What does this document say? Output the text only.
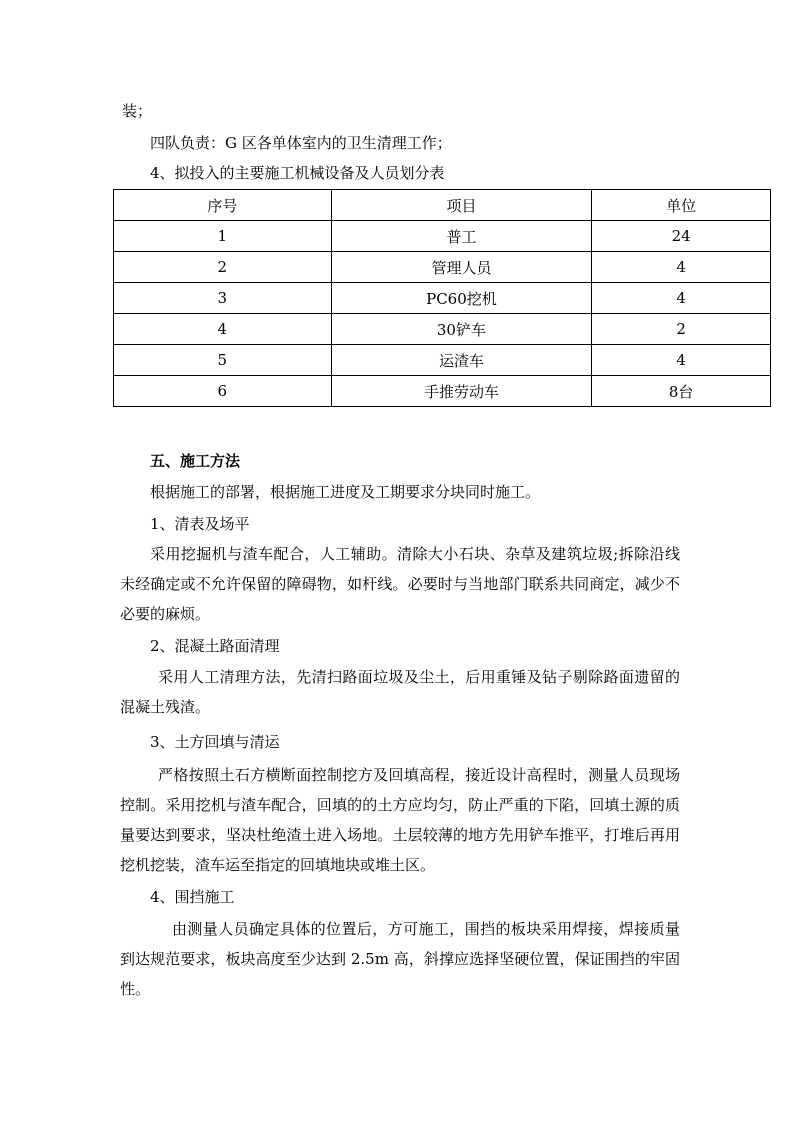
装；
四队负责：G 区各单体室内的卫生清理工作；
4、拟投入的主要施工机械设备及人员划分表
序号	项目	单位
1	普工	24
2	管理人员	4
3	PC60挖机	4
4	30铲车	2
5	运渣车	4
6	手推劳动车	8台
五、施工方法
根据施工的部署，根据施工进度及工期要求分块同时施工。
1、清表及场平
采用挖掘机与渣车配合，人工辅助。清除大小石块、杂草及建筑垃圾;拆除沿线未经确定或不允许保留的障碍物，如杆线。必要时与当地部门联系共同商定，减少不必要的麻烦。
2、混凝土路面清理
采用人工清理方法，先清扫路面垃圾及尘土，后用重锤及钻子剔除路面遗留的混凝土残渣。
3、土方回填与清运
严格按照土石方横断面控制挖方及回填高程，接近设计高程时，测量人员现场控制。采用挖机与渣车配合，回填的的土方应均匀，防止严重的下陷，回填土源的质量要达到要求，坚决杜绝渣土进入场地。土层较薄的地方先用铲车推平，打堆后再用挖机挖装，渣车运至指定的回填地块或堆土区。
4、围挡施工
由测量人员确定具体的位置后，方可施工，围挡的板块采用焊接，焊接质量到达规范要求，板块高度至少达到 2.5m 高，斜撑应选择坚硬位置，保证围挡的牢固性。
